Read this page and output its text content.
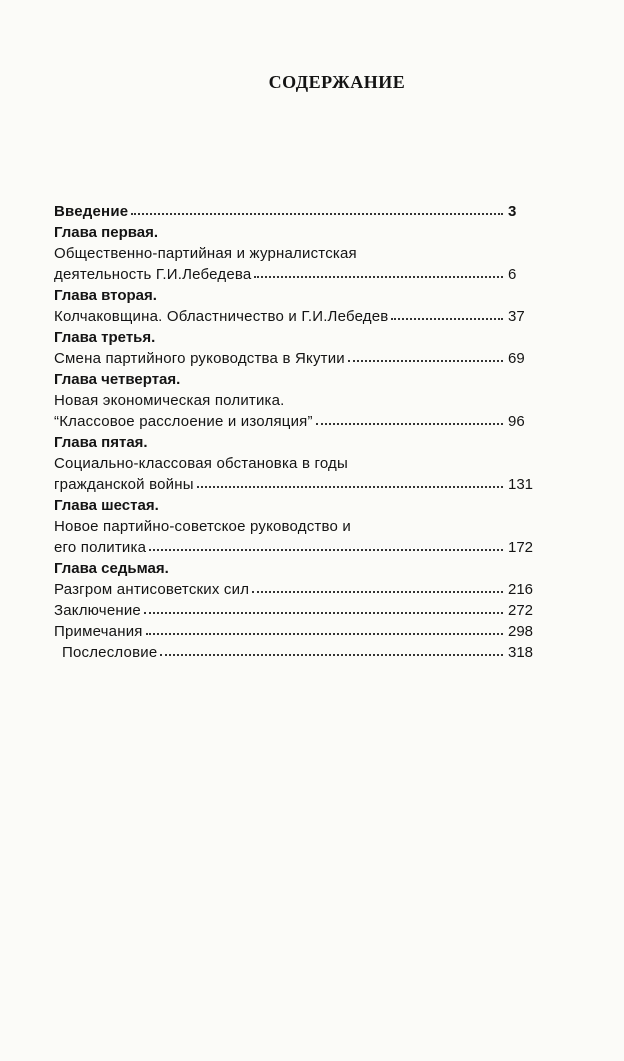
СОДЕРЖАНИЕ
Введение	3
Глава первая.
Общественно-партийная и журналистская
деятельность Г.И.Лебедева	6
Глава вторая.
Колчаковщина. Областничество и Г.И.Лебедев	37
Глава третья.
Смена партийного руководства в Якутии	69
Глава четвертая.
Новая экономическая политика.
“Классовое расслоение и изоляция”	96
Глава пятая.
Социально-классовая обстановка в годы
гражданской войны	131
Глава шестая.
Новое партийно-советское руководство и
его политика	172
Глава седьмая.
Разгром антисоветских сил	216
Заключение	272
Примечания	298
Послесловие	318
